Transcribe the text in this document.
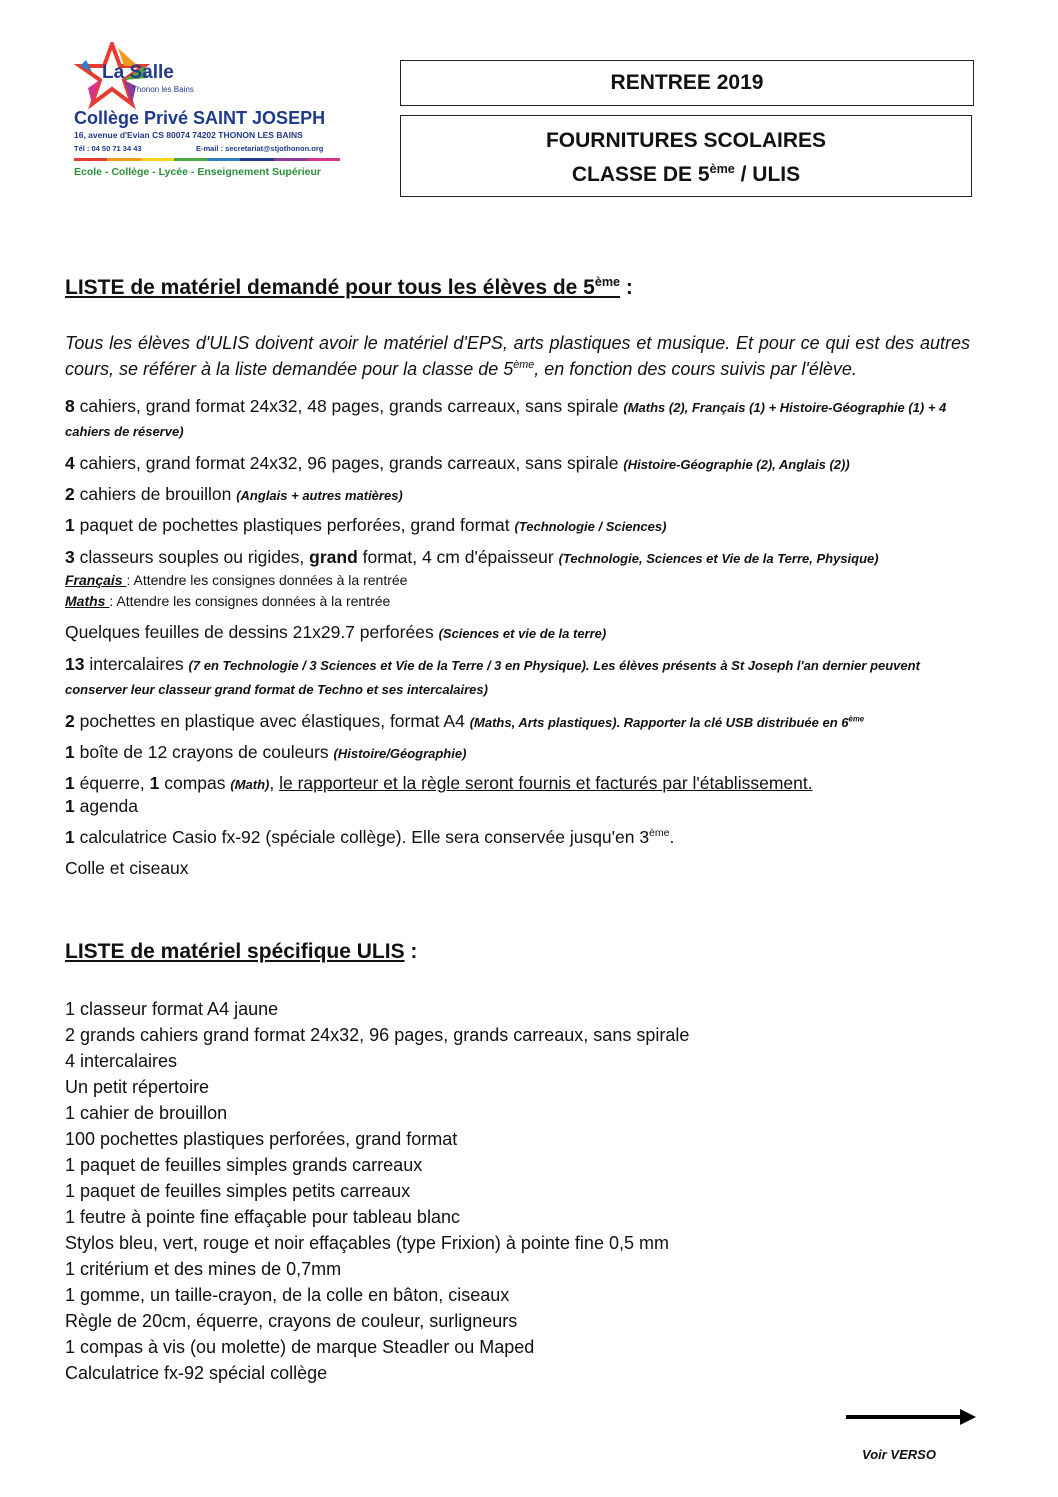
La Salle
Thonon les Bains
Collège Privé SAINT JOSEPH
16, avenue d'Evian CS 80074 74202 THONON LES BAINS
Tél : 04 50 71 34 43	E-mail : secretariat@stjothonon.org
Ecole - Collège - Lycée - Enseignement Supérieur
RENTREE 2019
FOURNITURES SCOLAIRES
CLASSE DE 5ème / ULIS
LISTE de matériel demandé pour tous les élèves de 5ème :
Tous les élèves d'ULIS doivent avoir le matériel d'EPS, arts plastiques et musique. Et pour ce qui est des autres cours, se référer à la liste demandée pour la classe de 5ème, en fonction des cours suivis par l'élève.

8 cahiers, grand format 24x32, 48 pages, grands carreaux, sans spirale (Maths (2), Français (1) + Histoire-Géographie (1) + 4 cahiers de réserve)

4 cahiers, grand format 24x32, 96 pages, grands carreaux, sans spirale (Histoire-Géographie (2), Anglais (2))

2 cahiers de brouillon (Anglais + autres matières)

1 paquet de pochettes plastiques perforées, grand format (Technologie / Sciences)

3 classeurs souples ou rigides, grand format, 4 cm d'épaisseur (Technologie, Sciences et Vie de la Terre, Physique)

Français : Attendre les consignes données à la rentrée
Maths : Attendre les consignes données à la rentrée

Quelques feuilles de dessins 21x29.7 perforées (Sciences et vie de la terre)

13 intercalaires (7 en Technologie / 3 Sciences et Vie de la Terre / 3 en Physique). Les élèves présents à St Joseph l'an dernier peuvent conserver leur classeur grand format de Techno et ses intercalaires)

2 pochettes en plastique avec élastiques, format A4 (Maths, Arts plastiques). Rapporter la clé USB distribuée en 6ème

1 boîte de 12 crayons de couleurs (Histoire/Géographie)

1 équerre, 1 compas (Math), le rapporteur et la règle seront fournis et facturés par l'établissement.

1 agenda

1 calculatrice Casio fx-92 (spéciale collège). Elle sera conservée jusqu'en 3ème.

Colle et ciseaux

LISTE de matériel spécifique ULIS :
1 classeur format A4 jaune
2 grands cahiers grand format 24x32, 96 pages, grands carreaux, sans spirale
4 intercalaires
Un petit répertoire
1 cahier de brouillon
100 pochettes plastiques perforées, grand format
1 paquet de feuilles simples grands carreaux
1 paquet de feuilles simples petits carreaux
1 feutre à pointe fine effaçable pour tableau blanc
Stylos bleu, vert, rouge et noir effaçables (type Frixion) à pointe fine 0,5 mm
1 critérium et des mines de 0,7mm
1 gomme, un taille-crayon, de la colle en bâton, ciseaux
Règle de 20cm, équerre, crayons de couleur, surligneurs
1 compas à vis (ou molette) de marque Steadler ou Maped
Calculatrice fx-92 spécial collège
Voir VERSO
